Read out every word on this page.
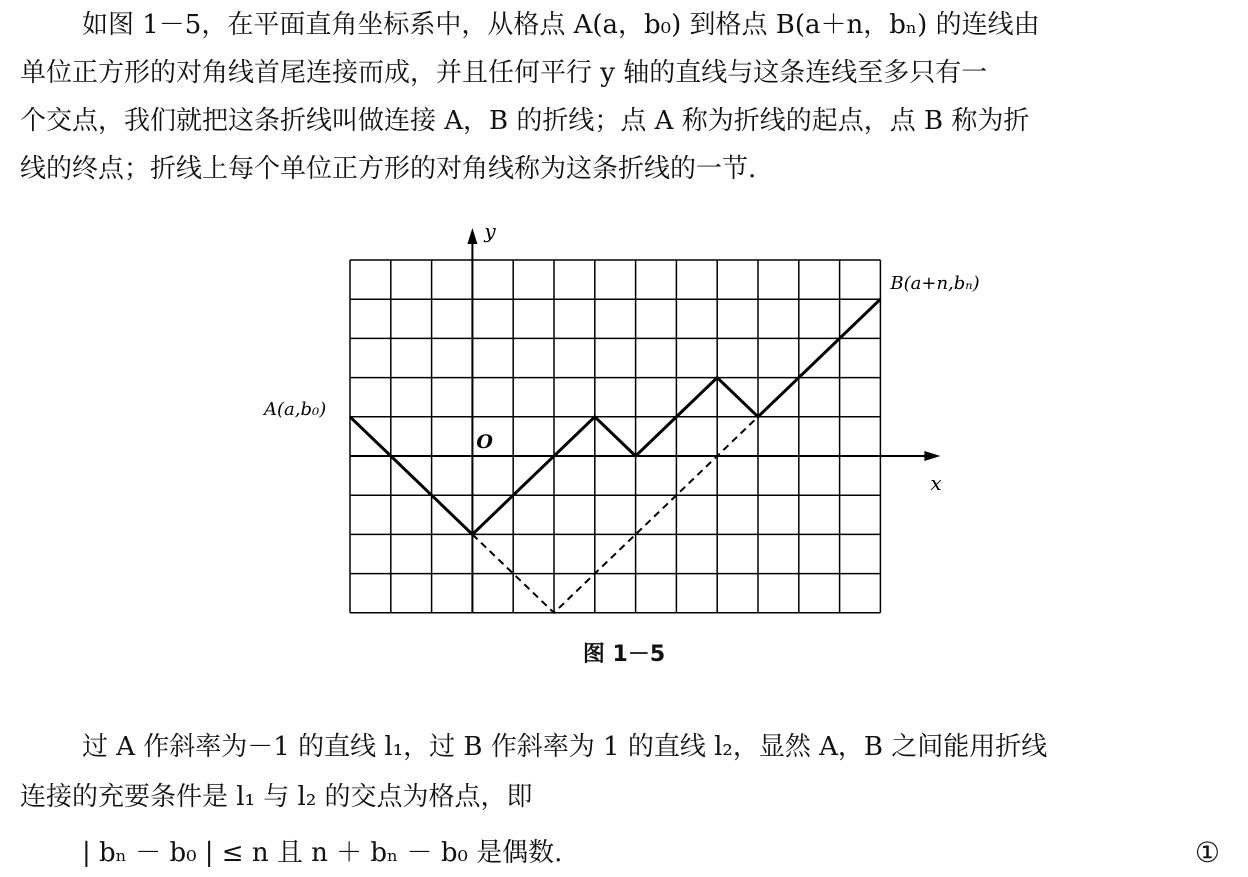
如图 1－5，在平面直角坐标系中，从格点 A(a，b₀) 到格点 B(a＋n，bₙ) 的连线由
单位正方形的对角线首尾连接而成，并且任何平行 y 轴的直线与这条连线至多只有一
个交点，我们就把这条折线叫做连接 A，B 的折线；点 A 称为折线的起点，点 B 称为折
线的终点；折线上每个单位正方形的对角线称为这条折线的一节.
y
x
O
A(a,b₀)
B(a+n,bₙ)
图 1－5
过 A 作斜率为－1 的直线 l₁，过 B 作斜率为 1 的直线 l₂，显然 A，B 之间能用折线
连接的充要条件是 l₁ 与 l₂ 的交点为格点，即
| bₙ － b₀ | ≤ n 且 n ＋ bₙ － b₀ 是偶数.	①
